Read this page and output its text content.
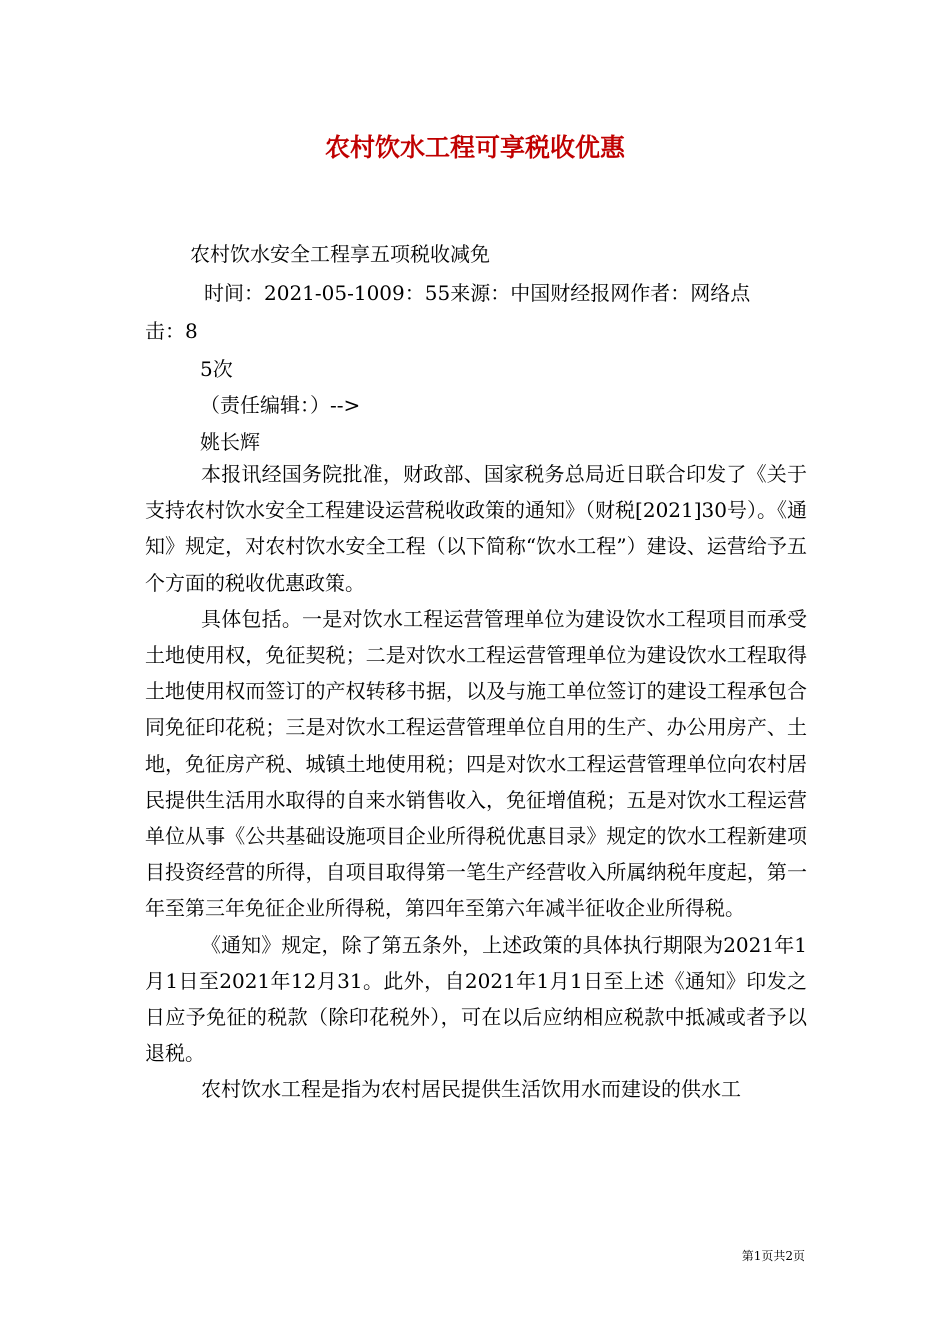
农村饮水工程可享税收优惠
农村饮水安全工程享五项税收减免
时间：2021-05-1009：55来源：中国财经报网作者：网络点
击：8
5次
（责任编辑：）-->
姚长辉

本报讯经国务院批准，财政部、国家税务总局近日联合印发了《关于支持农村饮水安全工程建设运营税收政策的通知》（财税[2021]30号）。《通知》规定，对农村饮水安全工程（以下简称“饮水工程”）建设、运营给予五个方面的税收优惠政策。

具体包括。一是对饮水工程运营管理单位为建设饮水工程项目而承受土地使用权，免征契税；二是对饮水工程运营管理单位为建设饮水工程取得土地使用权而签订的产权转移书据，以及与施工单位签订的建设工程承包合同免征印花税；三是对饮水工程运营管理单位自用的生产、办公用房产、土地，免征房产税、城镇土地使用税；四是对饮水工程运营管理单位向农村居民提供生活用水取得的自来水销售收入，免征增值税；五是对饮水工程运营单位从事《公共基础设施项目企业所得税优惠目录》规定的饮水工程新建项目投资经营的所得，自项目取得第一笔生产经营收入所属纳税年度起，第一年至第三年免征企业所得税，第四年至第六年减半征收企业所得税。

《通知》规定，除了第五条外，上述政策的具体执行期限为2021年1月1日至2021年12月31。此外，自2021年1月1日至上述《通知》印发之日应予免征的税款（除印花税外），可在以后应纳相应税款中抵减或者予以退税。

农村饮水工程是指为农村居民提供生活饮用水而建设的供水工

第1页共2页
